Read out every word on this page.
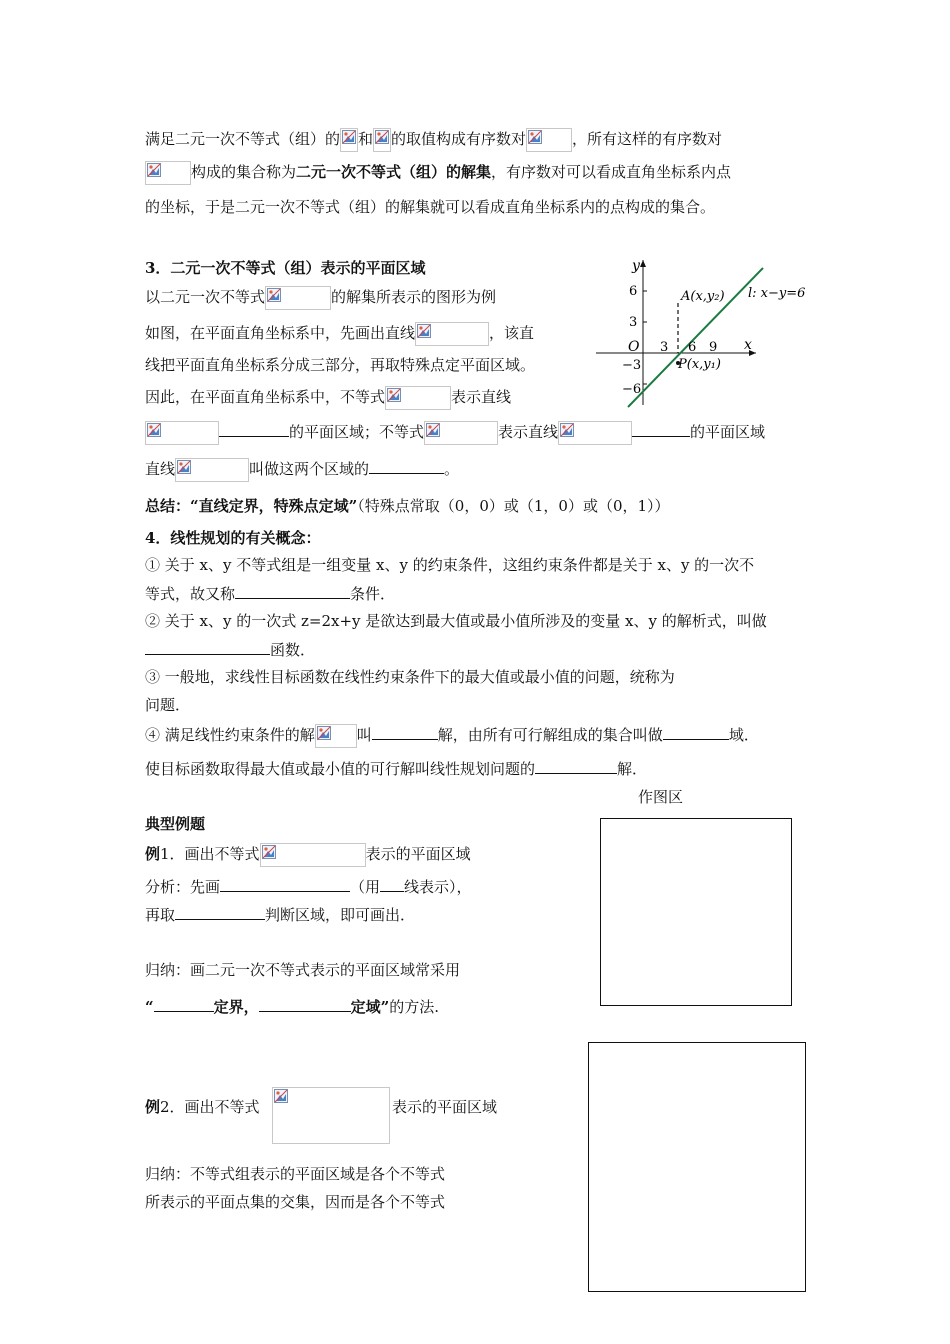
满足二元一次不等式（组）的 和 的取值构成有序数对	，所有这样的有序数对
构成的集合称为二元一次不等式（组）的解集，有序数对可以看成直角坐标系内点
的坐标，于是二元一次不等式（组）的解集就可以看成直角坐标系内的点构成的集合。
3．二元一次不等式（组）表示的平面区域
以二元一次不等式	的解集所表示的图形为例
如图，在平面直角坐标系中，先画出直线	，该直
线把平面直角坐标系分成三部分，再取特殊点定平面区域。
因此，在平面直角坐标系中，不等式	表示直线
的平面区域；不等式	表示直线	的平面区域
直线	叫做这两个区域的	。
y
x
O
6
3
−3
−6
3 6 9
A(x,y₂)
P(x,y₁)
l: x−y=6
总结：“直线定界，特殊点定域”（特殊点常取（0，0）或（1，0）或（0，1））
4．线性规划的有关概念：
① 关于 x、y 不等式组是一组变量 x、y 的约束条件，这组约束条件都是关于 x、y 的一次不
等式，故又称	条件．
② 关于 x、y 的一次式 z=2x+y 是欲达到最大值或最小值所涉及的变量 x、y 的解析式，叫做
函数．
③ 一般地，求线性目标函数在线性约束条件下的最大值或最小值的问题，统称为
问题．
④ 满足线性约束条件的解	叫	解，由所有可行解组成的集合叫做	域．
使目标函数取得最大值或最小值的可行解叫线性规划问题的	解．
作图区
典型例题
例1．画出不等式	表示的平面区域
分析：先画	（用 线表示），
再取	判断区域，即可画出．
归纳：画二元一次不等式表示的平面区域常采用
“	定界，	定域”的方法.
例2．画出不等式	表示的平面区域
归纳：不等式组表示的平面区域是各个不等式
所表示的平面点集的交集，因而是各个不等式
